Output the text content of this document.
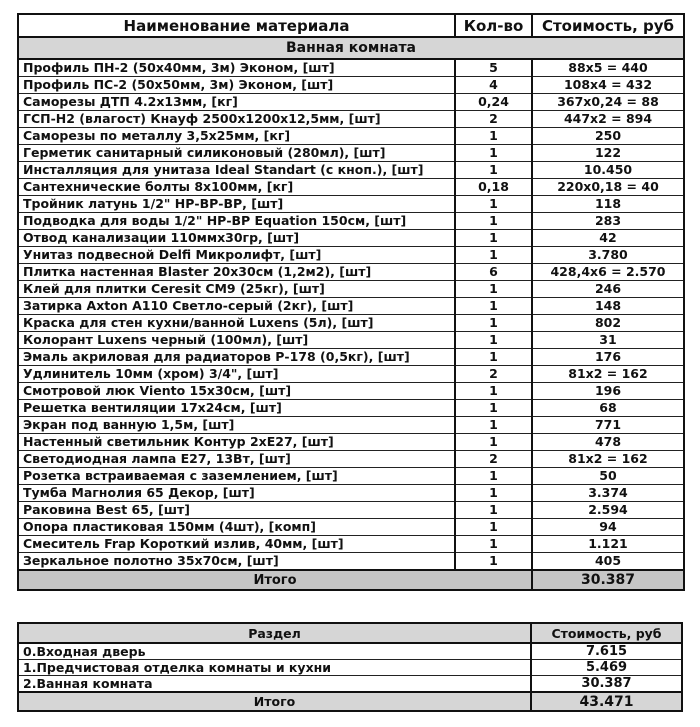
Наименование материала	Кол-во	Стоимость, руб
Ванная комната		
Профиль ПН-2 (50х40мм, 3м) Эконом, [шт]	5	88х5 = 440
Профиль ПС-2 (50х50мм, 3м) Эконом, [шт]	4	108х4 = 432
Саморезы ДТП 4.2х13мм, [кг]	0,24	367х0,24 = 88
ГСП-Н2 (влагост) Кнауф 2500х1200х12,5мм, [шт]	2	447х2 = 894
Саморезы по металлу 3,5х25мм, [кг]	1	250
Герметик санитарный силиконовый (280мл), [шт]	1	122
Инсталляция для унитаза Ideal Standart (с кноп.), [шт]	1	10.450
Сантехнические болты 8х100мм, [кг]	0,18	220х0,18 = 40
Тройник латунь 1/2" НР-ВР-ВР, [шт]	1	118
Подводка для воды 1/2" НР-ВР Equation 150см, [шт]	1	283
Отвод канализации 110ммх30гр, [шт]	1	42
Унитаз подвесной Delfi Микролифт, [шт]	1	3.780
Плитка настенная Blaster 20х30см (1,2м2), [шт]	6	428,4х6 = 2.570
Клей для плитки Ceresit CM9 (25кг), [шт]	1	246
Затирка Axton A110 Светло-серый (2кг), [шт]	1	148
Краска для стен кухни/ванной Luxens (5л), [шт]	1	802
Колорант Luxens черный (100мл), [шт]	1	31
Эмаль акриловая для радиаторов Р-178 (0,5кг), [шт]	1	176
Удлинитель 10мм (хром) 3/4", [шт]	2	81х2 = 162
Смотровой люк Viento 15х30см, [шт]	1	196
Решетка вентиляции 17х24см, [шт]	1	68
Экран под ванную 1,5м, [шт]	1	771
Настенный светильник Контур 2хЕ27, [шт]	1	478
Светодиодная лампа Е27, 13Вт, [шт]	2	81х2 = 162
Розетка встраиваемая с заземлением, [шт]	1	50
Тумба Магнолия 65 Декор, [шт]	1	3.374
Раковина Best 65, [шт]	1	2.594
Опора пластиковая 150мм (4шт), [комп]	1	94
Смеситель Frap Короткий излив, 40мм, [шт]	1	1.121
Зеркальное полотно 35х70см, [шт]	1	405
Итого		30.387
Раздел	Стоимость, руб
0.Входная дверь	7.615
1.Предчистовая отделка комнаты и кухни	5.469
2.Ванная комната	30.387
Итого	43.471
